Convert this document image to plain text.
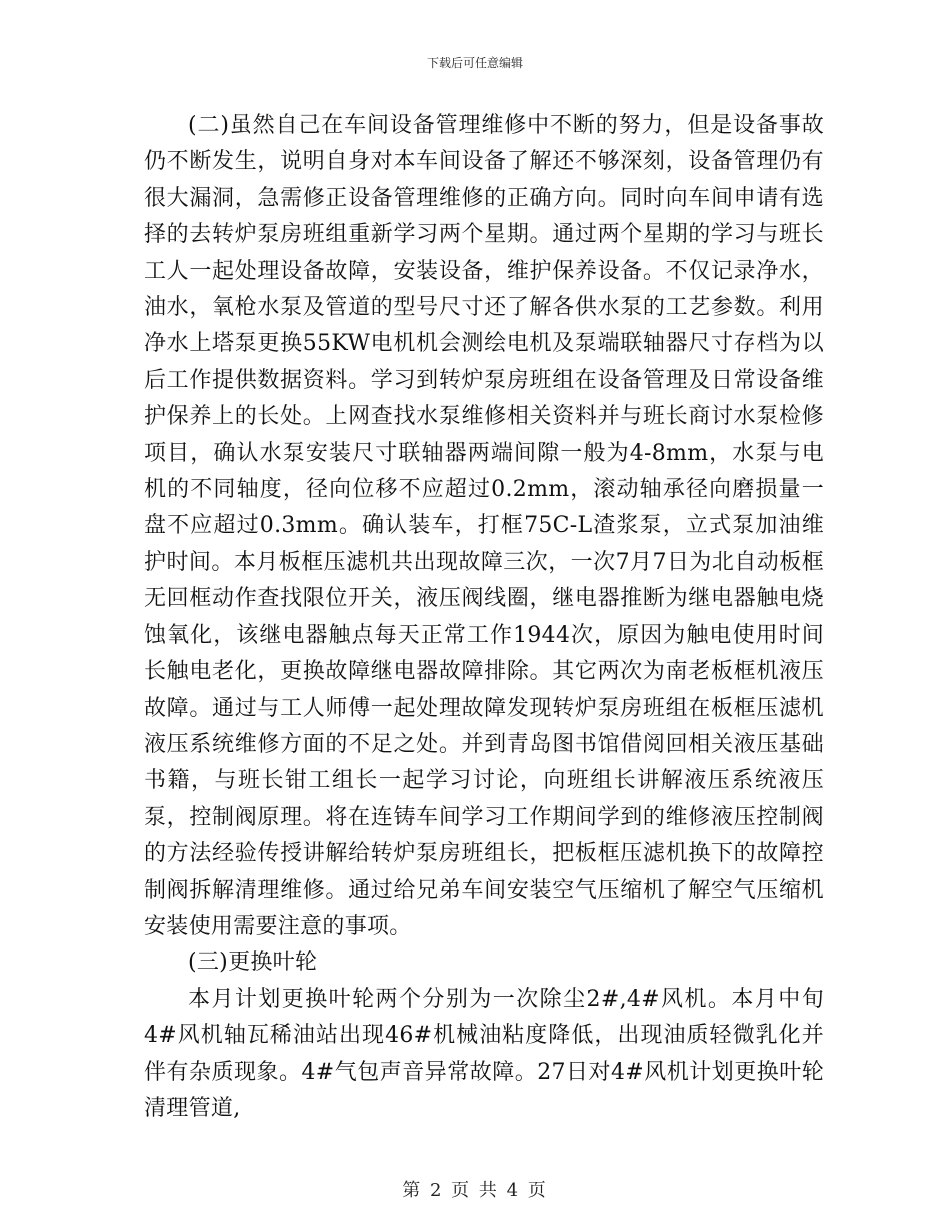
下载后可任意编辑

(二)虽然自己在车间设备管理维修中不断的努力，但是设备事故仍不断发生，说明自身对本车间设备了解还不够深刻，设备管理仍有很大漏洞，急需修正设备管理维修的正确方向。同时向车间申请有选择的去转炉泵房班组重新学习两个星期。通过两个星期的学习与班长工人一起处理设备故障，安装设备，维护保养设备。不仅记录净水，油水，氧枪水泵及管道的型号尺寸还了解各供水泵的工艺参数。利用净水上塔泵更换55KW电机机会测绘电机及泵端联轴器尺寸存档为以后工作提供数据资料。学习到转炉泵房班组在设备管理及日常设备维护保养上的长处。上网查找水泵维修相关资料并与班长商讨水泵检修项目，确认水泵安装尺寸联轴器两端间隙一般为4-8mm，水泵与电机的不同轴度，径向位移不应超过0.2mm，滚动轴承径向磨损量一盘不应超过0.3mm。确认装车，打框75C-L渣浆泵，立式泵加油维护时间。本月板框压滤机共出现故障三次，一次7月7日为北自动板框无回框动作查找限位开关，液压阀线圈，继电器推断为继电器触电烧蚀氧化，该继电器触点每天正常工作1944次，原因为触电使用时间长触电老化，更换故障继电器故障排除。其它两次为南老板框机液压故障。通过与工人师傅一起处理故障发现转炉泵房班组在板框压滤机液压系统维修方面的不足之处。并到青岛图书馆借阅回相关液压基础书籍，与班长钳工组长一起学习讨论，向班组长讲解液压系统液压泵，控制阀原理。将在连铸车间学习工作期间学到的维修液压控制阀的方法经验传授讲解给转炉泵房班组长，把板框压滤机换下的故障控制阀拆解清理维修。通过给兄弟车间安装空气压缩机了解空气压缩机安装使用需要注意的事项。

(三)更换叶轮

本月计划更换叶轮两个分别为一次除尘2#,4#风机。本月中旬4#风机轴瓦稀油站出现46#机械油粘度降低，出现油质轻微乳化并伴有杂质现象。4#气包声音异常故障。27日对4#风机计划更换叶轮清理管道,

第 2 页 共 4 页
